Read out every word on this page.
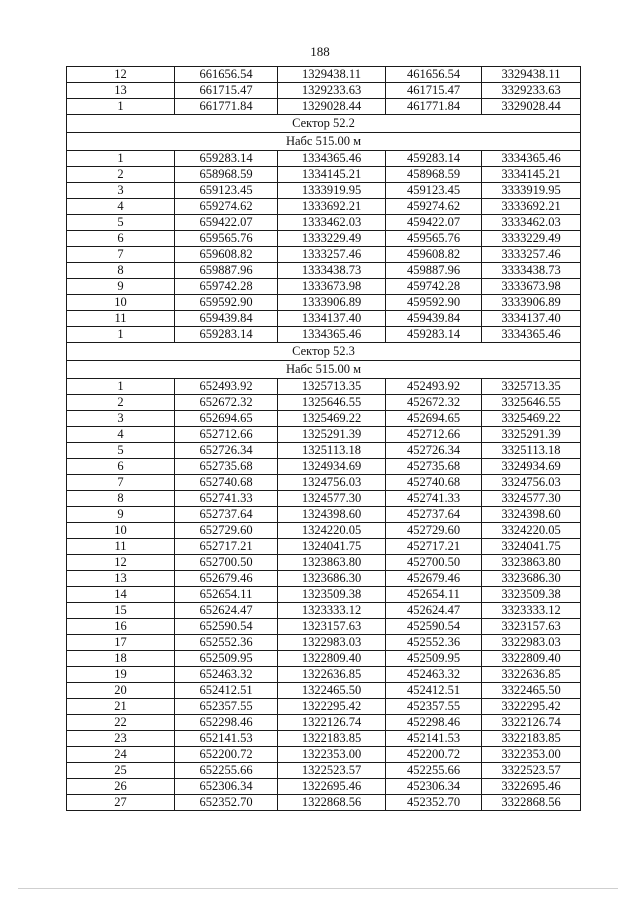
188
12	661656.54	1329438.11	461656.54	3329438.11
13	661715.47	1329233.63	461715.47	3329233.63
1	661771.84	1329028.44	461771.84	3329028.44
Сектор 52.2				
Набс 515.00 м				
1	659283.14	1334365.46	459283.14	3334365.46
2	658968.59	1334145.21	458968.59	3334145.21
3	659123.45	1333919.95	459123.45	3333919.95
4	659274.62	1333692.21	459274.62	3333692.21
5	659422.07	1333462.03	459422.07	3333462.03
6	659565.76	1333229.49	459565.76	3333229.49
7	659608.82	1333257.46	459608.82	3333257.46
8	659887.96	1333438.73	459887.96	3333438.73
9	659742.28	1333673.98	459742.28	3333673.98
10	659592.90	1333906.89	459592.90	3333906.89
11	659439.84	1334137.40	459439.84	3334137.40
1	659283.14	1334365.46	459283.14	3334365.46
Сектор 52.3				
Набс 515.00 м				
1	652493.92	1325713.35	452493.92	3325713.35
2	652672.32	1325646.55	452672.32	3325646.55
3	652694.65	1325469.22	452694.65	3325469.22
4	652712.66	1325291.39	452712.66	3325291.39
5	652726.34	1325113.18	452726.34	3325113.18
6	652735.68	1324934.69	452735.68	3324934.69
7	652740.68	1324756.03	452740.68	3324756.03
8	652741.33	1324577.30	452741.33	3324577.30
9	652737.64	1324398.60	452737.64	3324398.60
10	652729.60	1324220.05	452729.60	3324220.05
11	652717.21	1324041.75	452717.21	3324041.75
12	652700.50	1323863.80	452700.50	3323863.80
13	652679.46	1323686.30	452679.46	3323686.30
14	652654.11	1323509.38	452654.11	3323509.38
15	652624.47	1323333.12	452624.47	3323333.12
16	652590.54	1323157.63	452590.54	3323157.63
17	652552.36	1322983.03	452552.36	3322983.03
18	652509.95	1322809.40	452509.95	3322809.40
19	652463.32	1322636.85	452463.32	3322636.85
20	652412.51	1322465.50	452412.51	3322465.50
21	652357.55	1322295.42	452357.55	3322295.42
22	652298.46	1322126.74	452298.46	3322126.74
23	652141.53	1322183.85	452141.53	3322183.85
24	652200.72	1322353.00	452200.72	3322353.00
25	652255.66	1322523.57	452255.66	3322523.57
26	652306.34	1322695.46	452306.34	3322695.46
27	652352.70	1322868.56	452352.70	3322868.56
